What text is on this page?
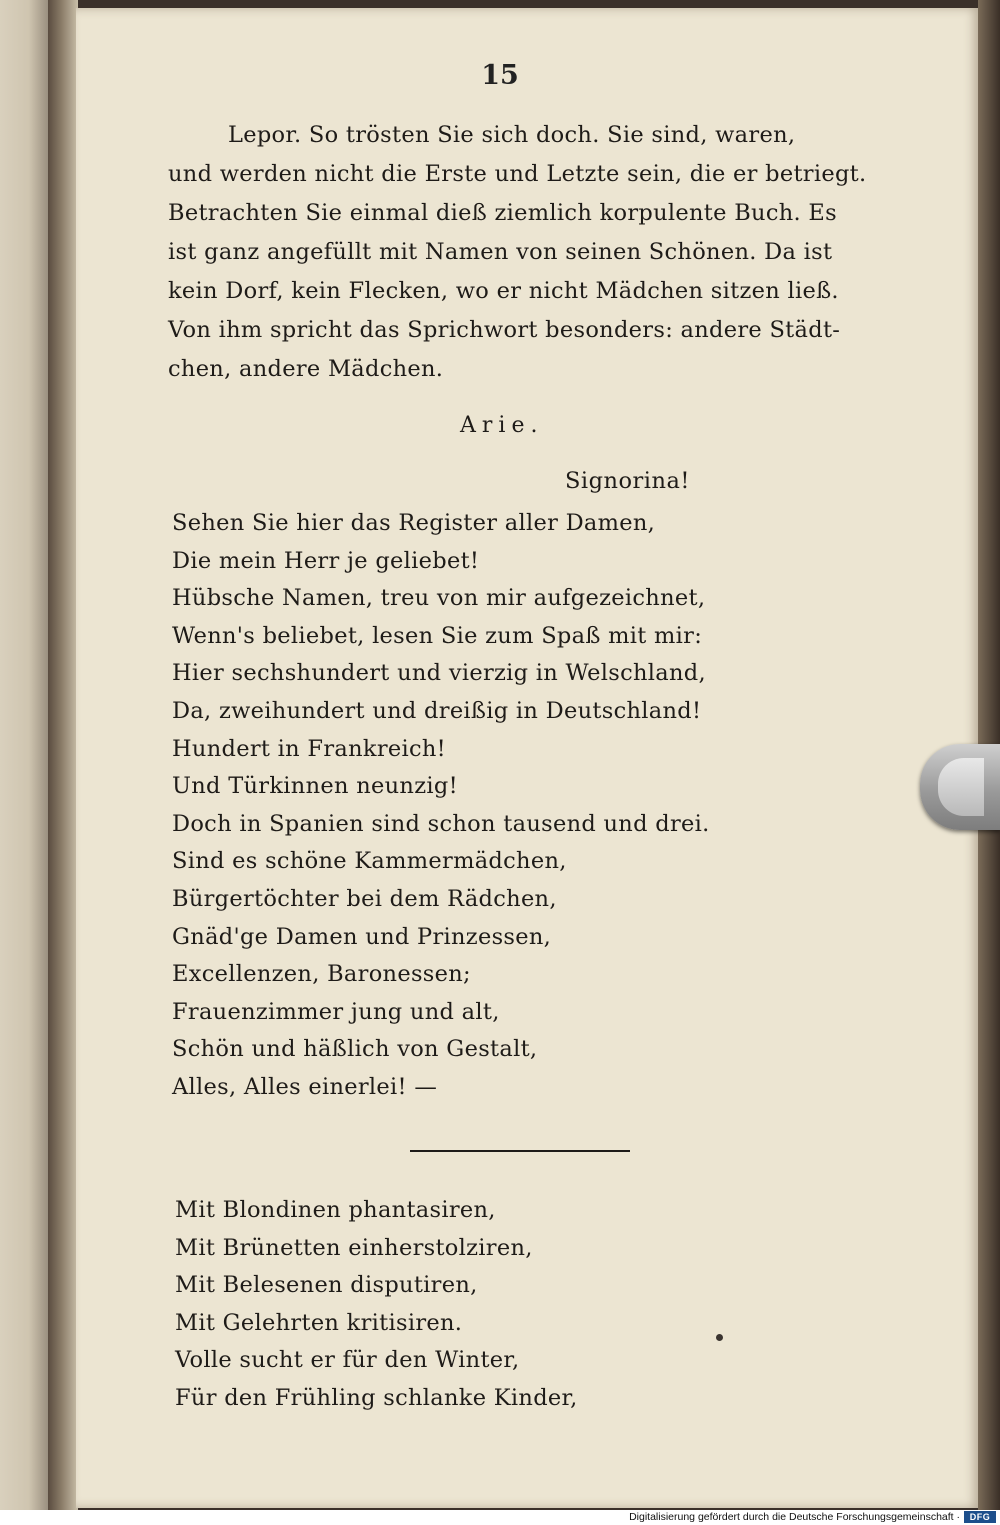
15
Lepor. So trösten Sie sich doch. Sie sind, waren,
und werden nicht die Erste und Letzte sein, die er betriegt.
Betrachten Sie einmal dieß ziemlich korpulente Buch. Es
ist ganz angefüllt mit Namen von seinen Schönen. Da ist
kein Dorf, kein Flecken, wo er nicht Mädchen sitzen ließ.
Von ihm spricht das Sprichwort besonders: andere Städt-
chen, andere Mädchen.
Arie.
Signorina!
Sehen Sie hier das Register aller Damen,
Die mein Herr je geliebet!
Hübsche Namen, treu von mir aufgezeichnet,
Wenn's beliebet, lesen Sie zum Spaß mit mir:
Hier sechshundert und vierzig in Welschland,
Da, zweihundert und dreißig in Deutschland!
Hundert in Frankreich!
Und Türkinnen neunzig!
Doch in Spanien sind schon tausend und drei.
Sind es schöne Kammermädchen,
Bürgertöchter bei dem Rädchen,
Gnäd'ge Damen und Prinzessen,
Excellenzen, Baronessen;
Frauenzimmer jung und alt,
Schön und häßlich von Gestalt,
Alles, Alles einerlei! —
Mit Blondinen phantasiren,
Mit Brünetten einherstolziren,
Mit Belesenen disputiren,
Mit Gelehrten kritisiren.
Volle sucht er für den Winter,
Für den Frühling schlanke Kinder,
Digitalisierung gefördert durch die Deutsche Forschungsgemeinschaft ·	DFG
